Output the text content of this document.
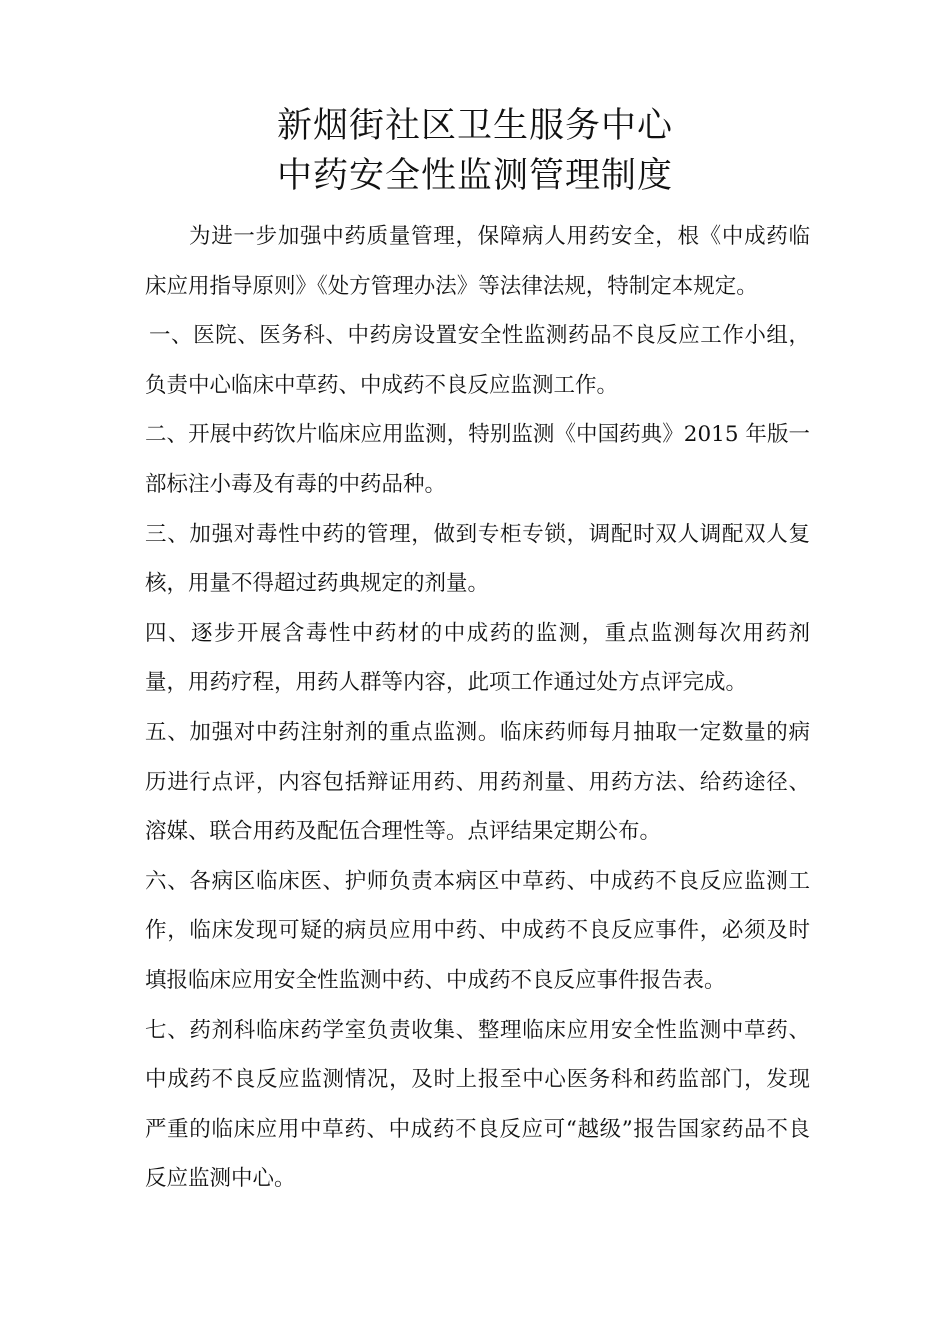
新烟街社区卫生服务中心
中药安全性监测管理制度

为进一步加强中药质量管理，保障病人用药安全，根《中成药临床应用指导原则》《处方管理办法》等法律法规，特制定本规定。

一、医院、医务科、中药房设置安全性监测药品不良反应工作小组，负责中心临床中草药、中成药不良反应监测工作。

二、开展中药饮片临床应用监测，特别监测《中国药典》2015 年版一部标注小毒及有毒的中药品种。

三、加强对毒性中药的管理，做到专柜专锁，调配时双人调配双人复核，用量不得超过药典规定的剂量。

四、逐步开展含毒性中药材的中成药的监测，重点监测每次用药剂量，用药疗程，用药人群等内容，此项工作通过处方点评完成。

五、加强对中药注射剂的重点监测。临床药师每月抽取一定数量的病历进行点评，内容包括辩证用药、用药剂量、用药方法、给药途径、溶媒、联合用药及配伍合理性等。点评结果定期公布。

六、各病区临床医、护师负责本病区中草药、中成药不良反应监测工作，临床发现可疑的病员应用中药、中成药不良反应事件，必须及时填报临床应用安全性监测中药、中成药不良反应事件报告表。

七、药剂科临床药学室负责收集、整理临床应用安全性监测中草药、中成药不良反应监测情况，及时上报至中心医务科和药监部门，发现严重的临床应用中草药、中成药不良反应可“越级”报告国家药品不良反应监测中心。
